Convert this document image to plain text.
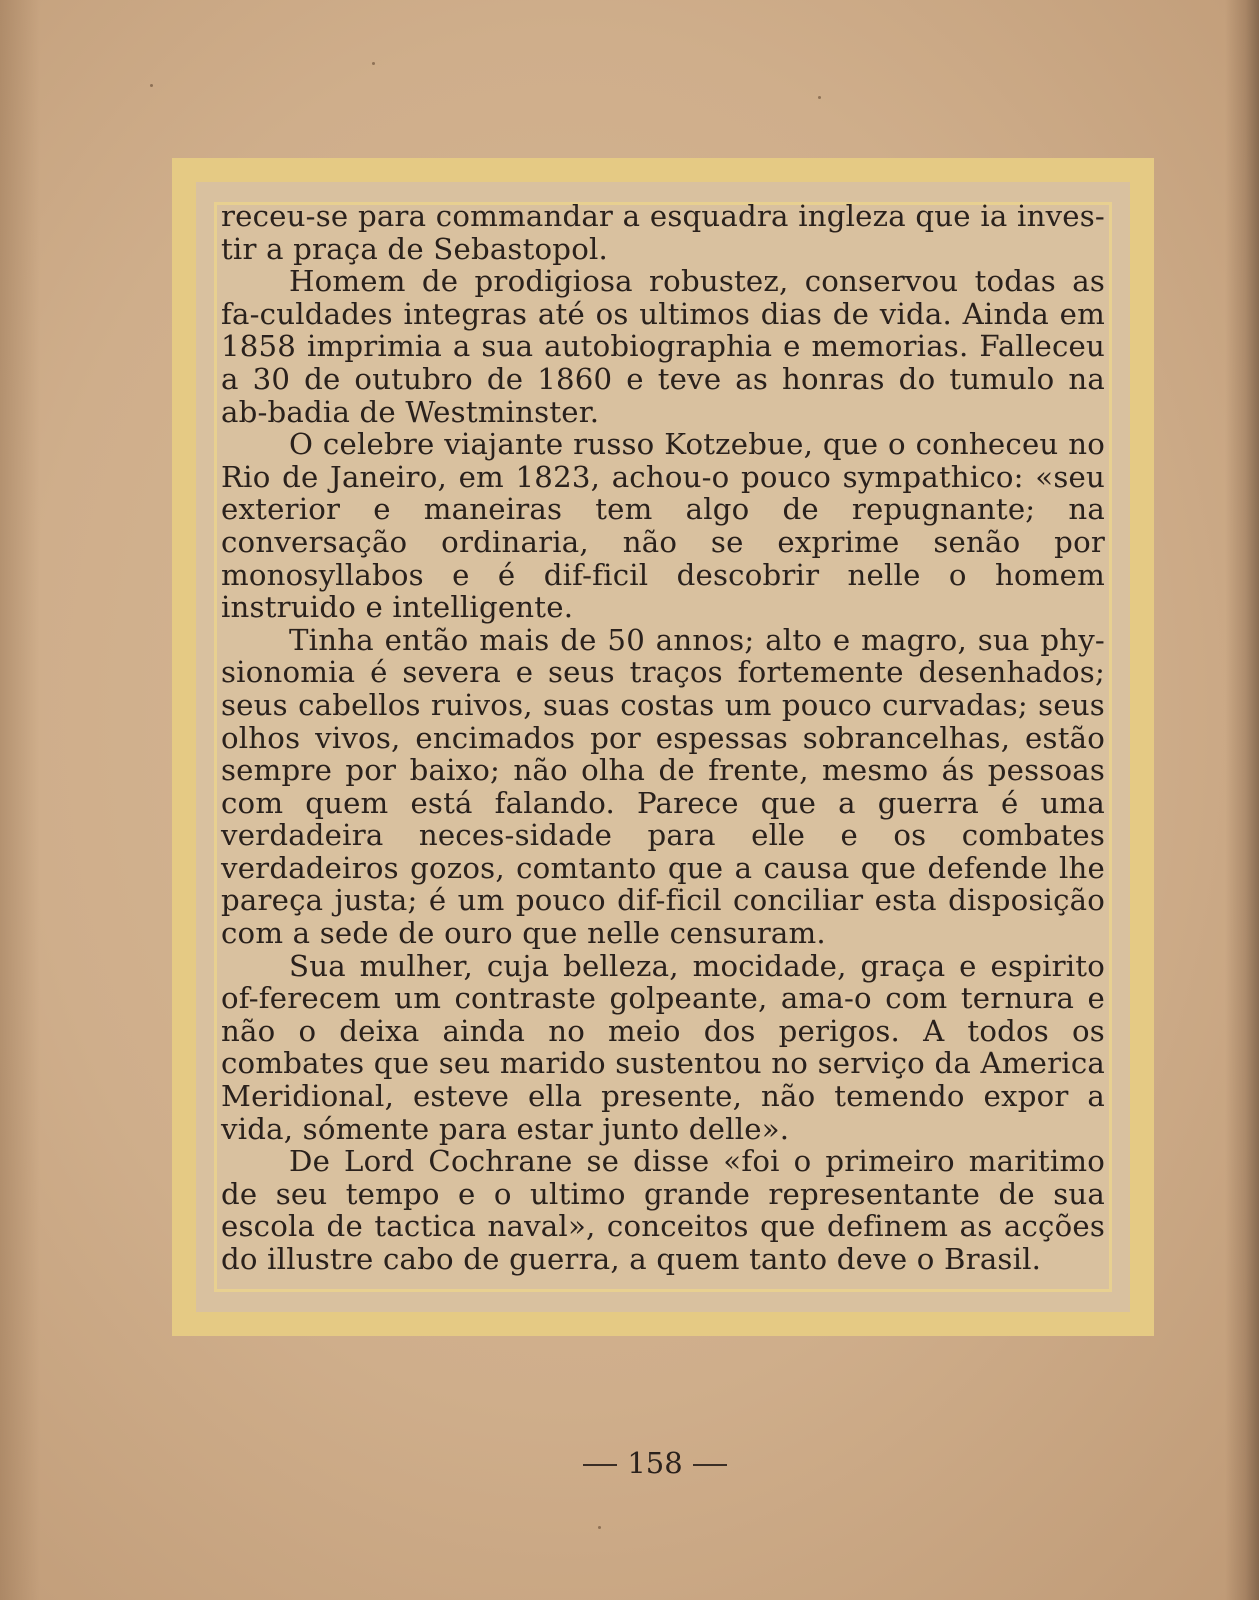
receu-se para commandar a esquadra ingleza que ia inves-tir a praça de Sebastopol.

Homem de prodigiosa robustez, conservou todas as fa-culdades integras até os ultimos dias de vida. Ainda em 1858 imprimia a sua autobiographia e memorias. Falleceu a 30 de outubro de 1860 e teve as honras do tumulo na ab-badia de Westminster.

O celebre viajante russo Kotzebue, que o conheceu no Rio de Janeiro, em 1823, achou-o pouco sympathico: «seu exterior e maneiras tem algo de repugnante; na conversação ordinaria, não se exprime senão por monosyllabos e é dif-ficil descobrir nelle o homem instruido e intelligente.

Tinha então mais de 50 annos; alto e magro, sua phy-sionomia é severa e seus traços fortemente desenhados; seus cabellos ruivos, suas costas um pouco curvadas; seus olhos vivos, encimados por espessas sobrancelhas, estão sempre por baixo; não olha de frente, mesmo ás pessoas com quem está falando. Parece que a guerra é uma verdadeira neces-sidade para elle e os combates verdadeiros gozos, comtanto que a causa que defende lhe pareça justa; é um pouco dif-ficil conciliar esta disposição com a sede de ouro que nelle censuram.

Sua mulher, cuja belleza, mocidade, graça e espirito of-ferecem um contraste golpeante, ama-o com ternura e não o deixa ainda no meio dos perigos. A todos os combates que seu marido sustentou no serviço da America Meridional, esteve ella presente, não temendo expor a vida, sómente para estar junto delle».

De Lord Cochrane se disse «foi o primeiro maritimo de seu tempo e o ultimo grande representante de sua escola de tactica naval», conceitos que definem as acções do illustre cabo de guerra, a quem tanto deve o Brasil.

158
